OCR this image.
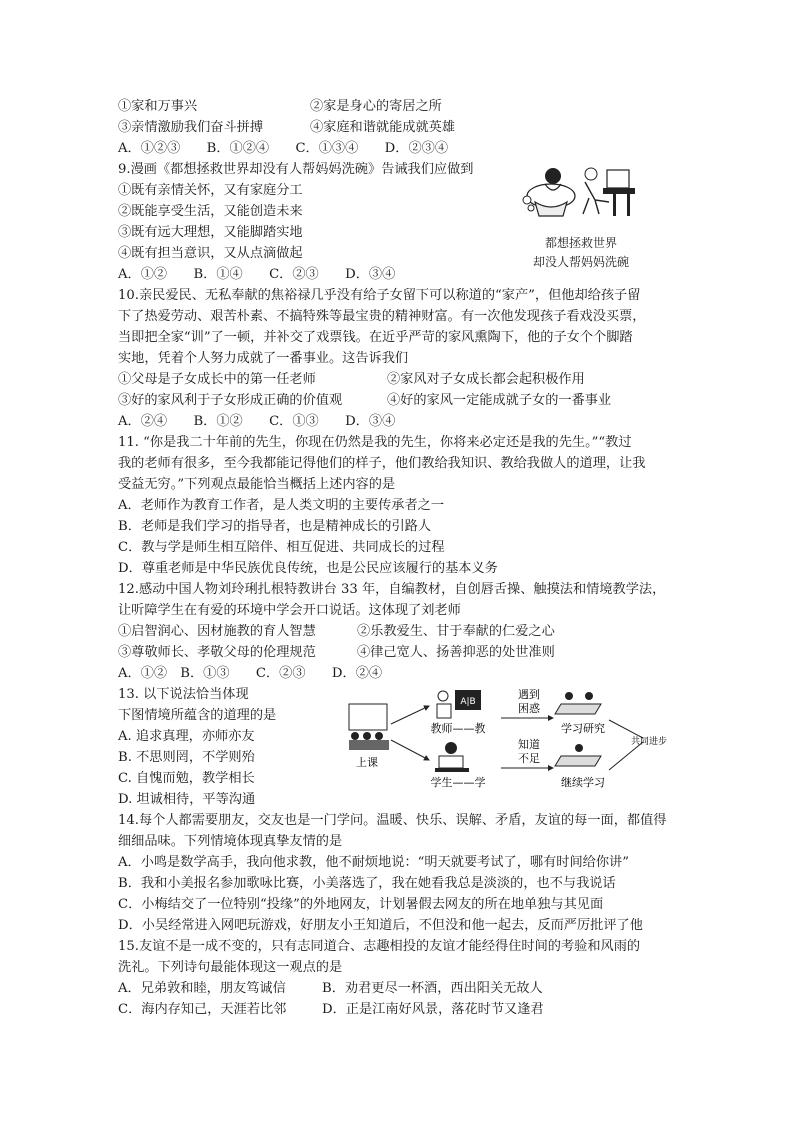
①家和万事兴	②家是身心的寄居之所
③亲情激励我们奋斗拼搏	④家庭和谐就能成就英雄
A．①②③　　B．①②④　　C．①③④　　D．②③④
9.漫画《都想拯救世界却没有人帮妈妈洗碗》告诫我们应做到
①既有亲情关怀，又有家庭分工
②既能享受生活，又能创造未来
③既有远大理想，又能脚踏实地
④既有担当意识，又从点滴做起
A．①②　　B．①④　　C．②③　　D．③④
都想拯救世界
却没人帮妈妈洗碗
10.亲民爱民、无私奉献的焦裕禄几乎没有给子女留下可以称道的“家产”，但他却给孩子留
下了热爱劳动、艰苦朴素、不搞特殊等最宝贵的精神财富。有一次他发现孩子看戏没买票，
当即把全家“训”了一顿，并补交了戏票钱。在近乎严苛的家风熏陶下，他的子女个个脚踏
实地，凭着个人努力成就了一番事业。这告诉我们
①父母是子女成长中的第一任老师	②家风对子女成长都会起积极作用
③好的家风利于子女形成正确的价值观	④好的家风一定能成就子女的一番事业
A．②④　　B．①②　　C．①③　　D．③④
11. “你是我二十年前的先生，你现在仍然是我的先生，你将来必定还是我的先生。”“教过
我的老师有很多，至今我都能记得他们的样子，他们教给我知识、教给我做人的道理，让我
受益无穷。”下列观点最能恰当概括上述内容的是
A．老师作为教育工作者，是人类文明的主要传承者之一
B．老师是我们学习的指导者，也是精神成长的引路人
C．教与学是师生相互陪伴、相互促进、共同成长的过程
D．尊重老师是中华民族优良传统，也是公民应该履行的基本义务
12.感动中国人物刘玲琍扎根特教讲台 33 年，自编教材，自创唇舌操、触摸法和情境教学法，
让听障学生在有爱的环境中学会开口说话。这体现了刘老师
①启智润心、因材施教的育人智慧	②乐教爱生、甘于奉献的仁爱之心
③尊敬师长、孝敬父母的伦理规范	④律己宽人、扬善抑恶的处世准则
A．①②　B．①③　　C．②③　　D．②④
13. 以下说法恰当体现
下图情境所蕴含的道理的是
A. 追求真理，亦师亦友
B. 不思则罔，不学则殆
C. 自愧而勉，教学相长
D. 坦诚相待，平等沟通
上课
A|B
教师——教
学生——学
遇到
困惑
知道
不足
学习研究
继续学习
共同进步
14.每个人都需要朋友，交友也是一门学问。温暖、快乐、误解、矛盾，友谊的每一面，都值得
细细品味。下列情境体现真挚友情的是
A．小鸣是数学高手，我向他求教，他不耐烦地说：“明天就要考试了，哪有时间给你讲”
B．我和小美报名参加歌咏比赛，小美落选了，我在她看我总是淡淡的，也不与我说话
C．小梅结交了一位特别“投缘”的外地网友，计划暑假去网友的所在地单独与其见面
D．小吴经常进入网吧玩游戏，好朋友小王知道后，不但没和他一起去，反而严厉批评了他
15.友谊不是一成不变的，只有志同道合、志趣相投的友谊才能经得住时间的考验和风雨的
洗礼。下列诗句最能体现这一观点的是
A．兄弟敦和睦，朋友笃诚信	B．劝君更尽一杯酒，西出阳关无故人
C．海内存知己，天涯若比邻	D．正是江南好风景，落花时节又逢君
